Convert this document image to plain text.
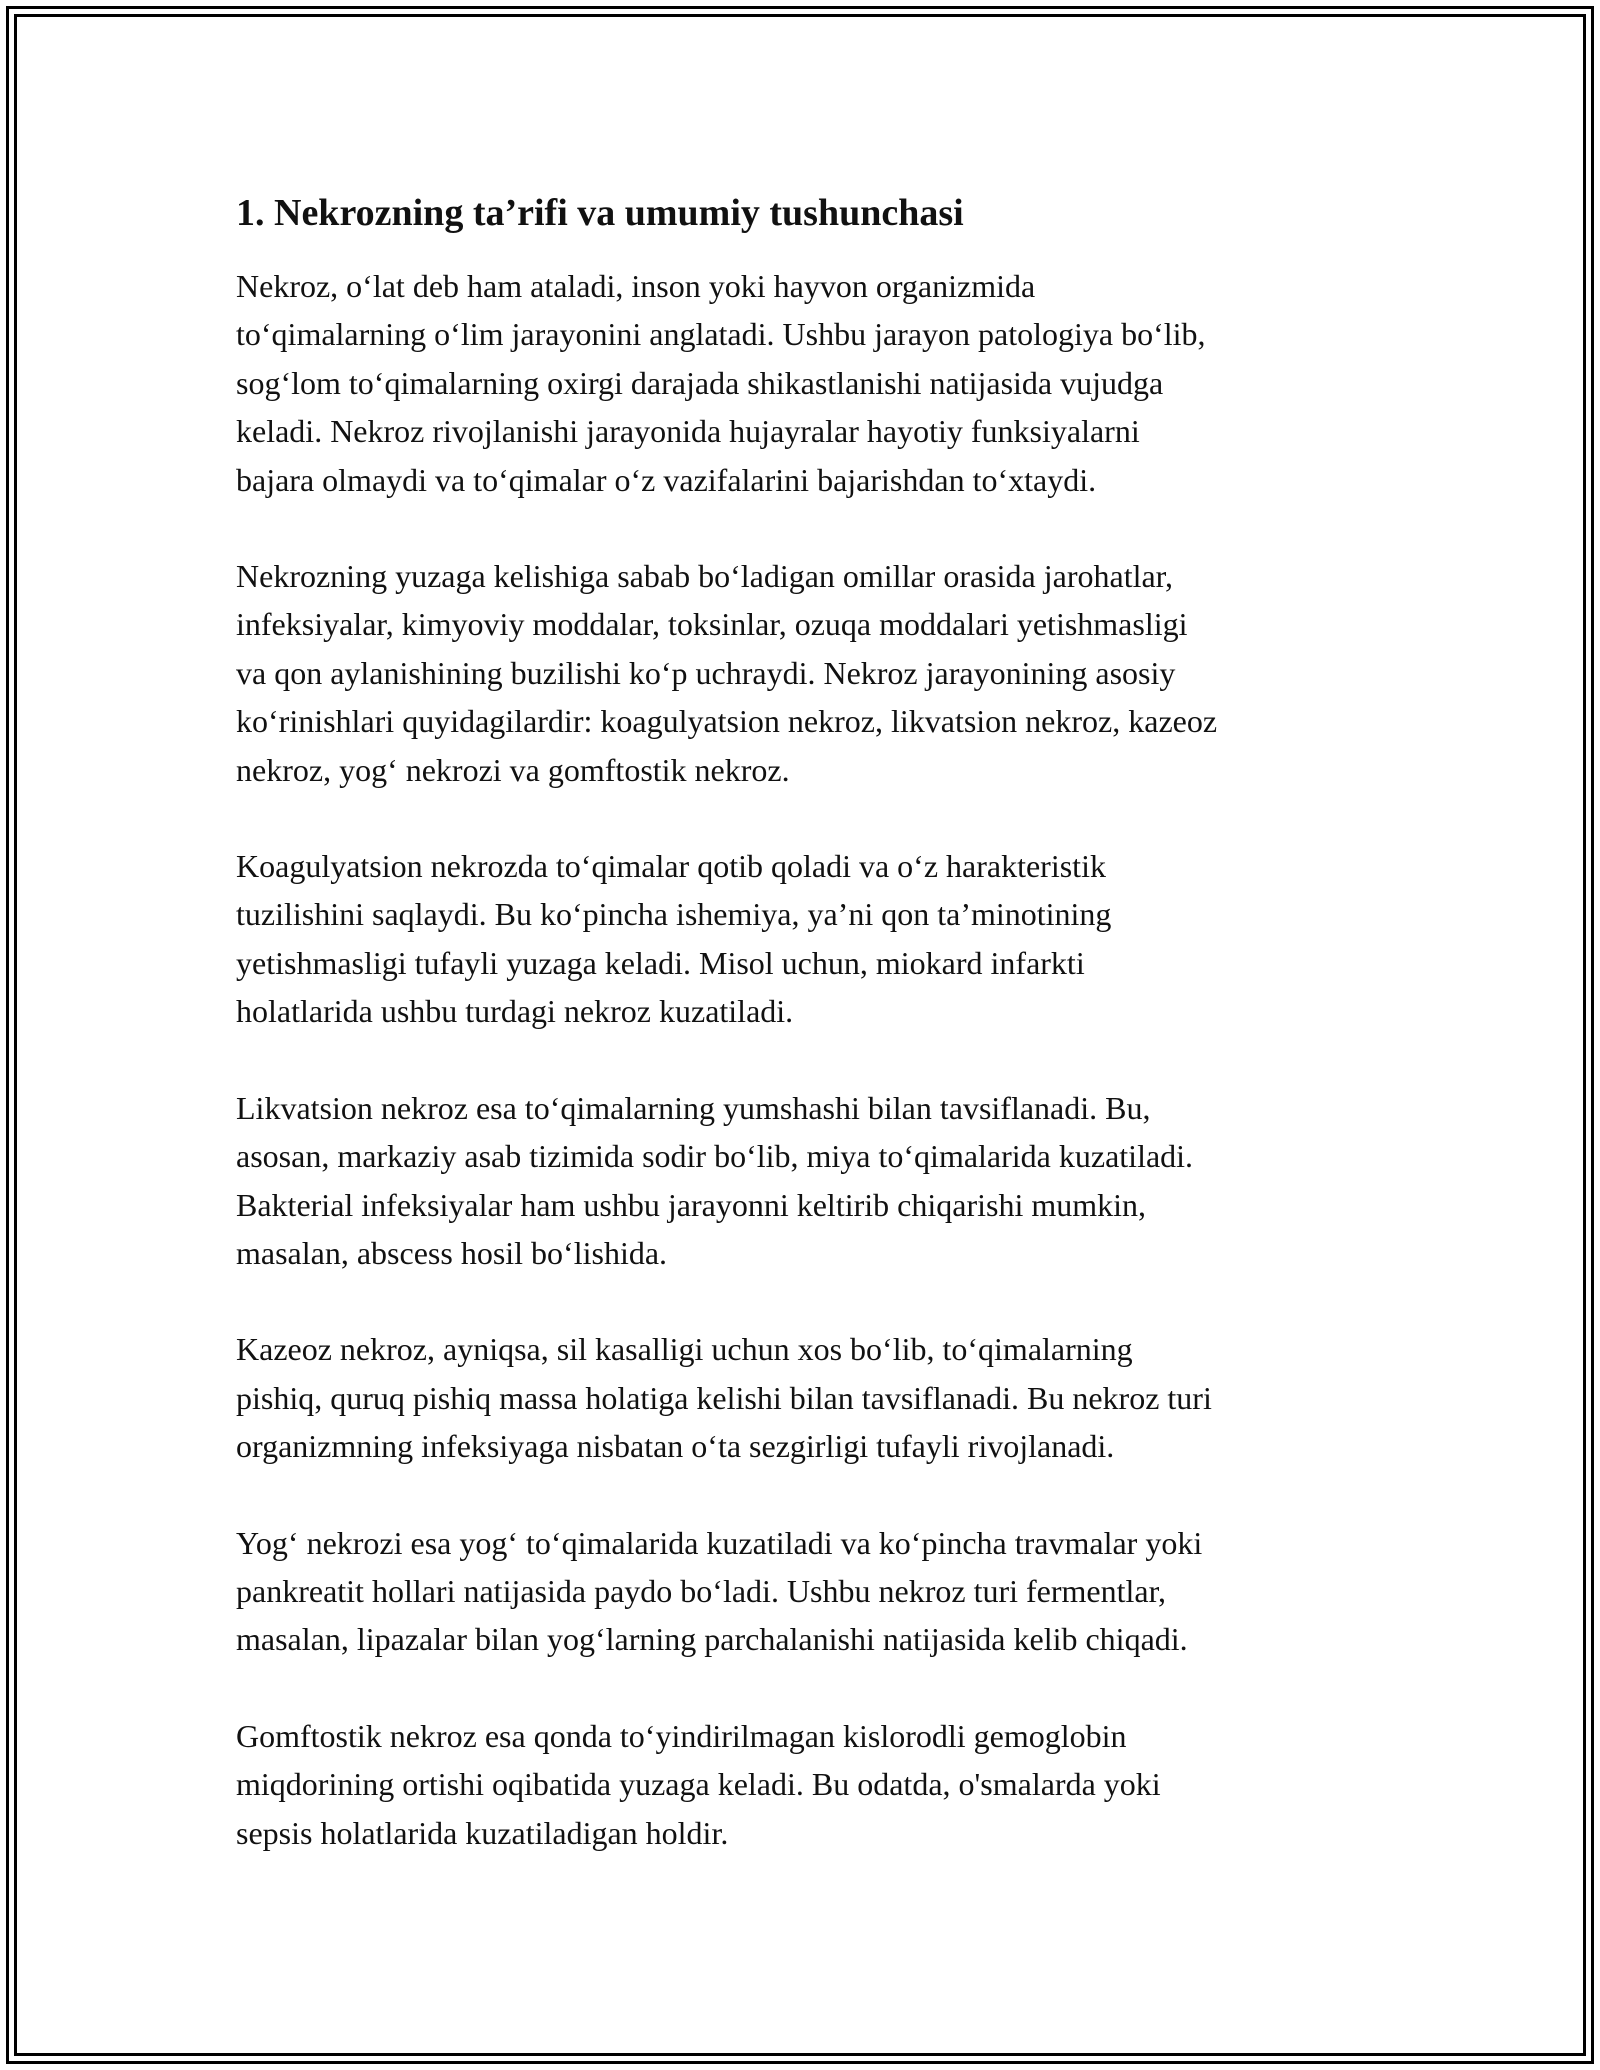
1. Nekrozning ta’rifi va umumiy tushunchasi

Nekroz, o‘lat deb ham ataladi, inson yoki hayvon organizmida
to‘qimalarning o‘lim jarayonini anglatadi. Ushbu jarayon patologiya bo‘lib,
sog‘lom to‘qimalarning oxirgi darajada shikastlanishi natijasida vujudga
keladi. Nekroz rivojlanishi jarayonida hujayralar hayotiy funksiyalarni
bajara olmaydi va to‘qimalar o‘z vazifalarini bajarishdan to‘xtaydi.

Nekrozning yuzaga kelishiga sabab bo‘ladigan omillar orasida jarohatlar,
infeksiyalar, kimyoviy moddalar, toksinlar, ozuqa moddalari yetishmasligi
va qon aylanishining buzilishi ko‘p uchraydi. Nekroz jarayonining asosiy
ko‘rinishlari quyidagilardir: koagulyatsion nekroz, likvatsion nekroz, kazeoz
nekroz, yog‘ nekrozi va gomftostik nekroz.

Koagulyatsion nekrozda to‘qimalar qotib qoladi va o‘z harakteristik
tuzilishini saqlaydi. Bu ko‘pincha ishemiya, ya’ni qon ta’minotining
yetishmasligi tufayli yuzaga keladi. Misol uchun, miokard infarkti
holatlarida ushbu turdagi nekroz kuzatiladi.

Likvatsion nekroz esa to‘qimalarning yumshashi bilan tavsiflanadi. Bu,
asosan, markaziy asab tizimida sodir bo‘lib, miya to‘qimalarida kuzatiladi.
Bakterial infeksiyalar ham ushbu jarayonni keltirib chiqarishi mumkin,
masalan, abscess hosil bo‘lishida.

Kazeoz nekroz, ayniqsa, sil kasalligi uchun xos bo‘lib, to‘qimalarning
pishiq, quruq pishiq massa holatiga kelishi bilan tavsiflanadi. Bu nekroz turi
organizmning infeksiyaga nisbatan o‘ta sezgirligi tufayli rivojlanadi.

Yog‘ nekrozi esa yog‘ to‘qimalarida kuzatiladi va ko‘pincha travmalar yoki
pankreatit hollari natijasida paydo bo‘ladi. Ushbu nekroz turi fermentlar,
masalan, lipazalar bilan yog‘larning parchalanishi natijasida kelib chiqadi.

Gomftostik nekroz esa qonda to‘yindirilmagan kislorodli gemoglobin
miqdorining ortishi oqibatida yuzaga keladi. Bu odatda, o'smalarda yoki
sepsis holatlarida kuzatiladigan holdir.
